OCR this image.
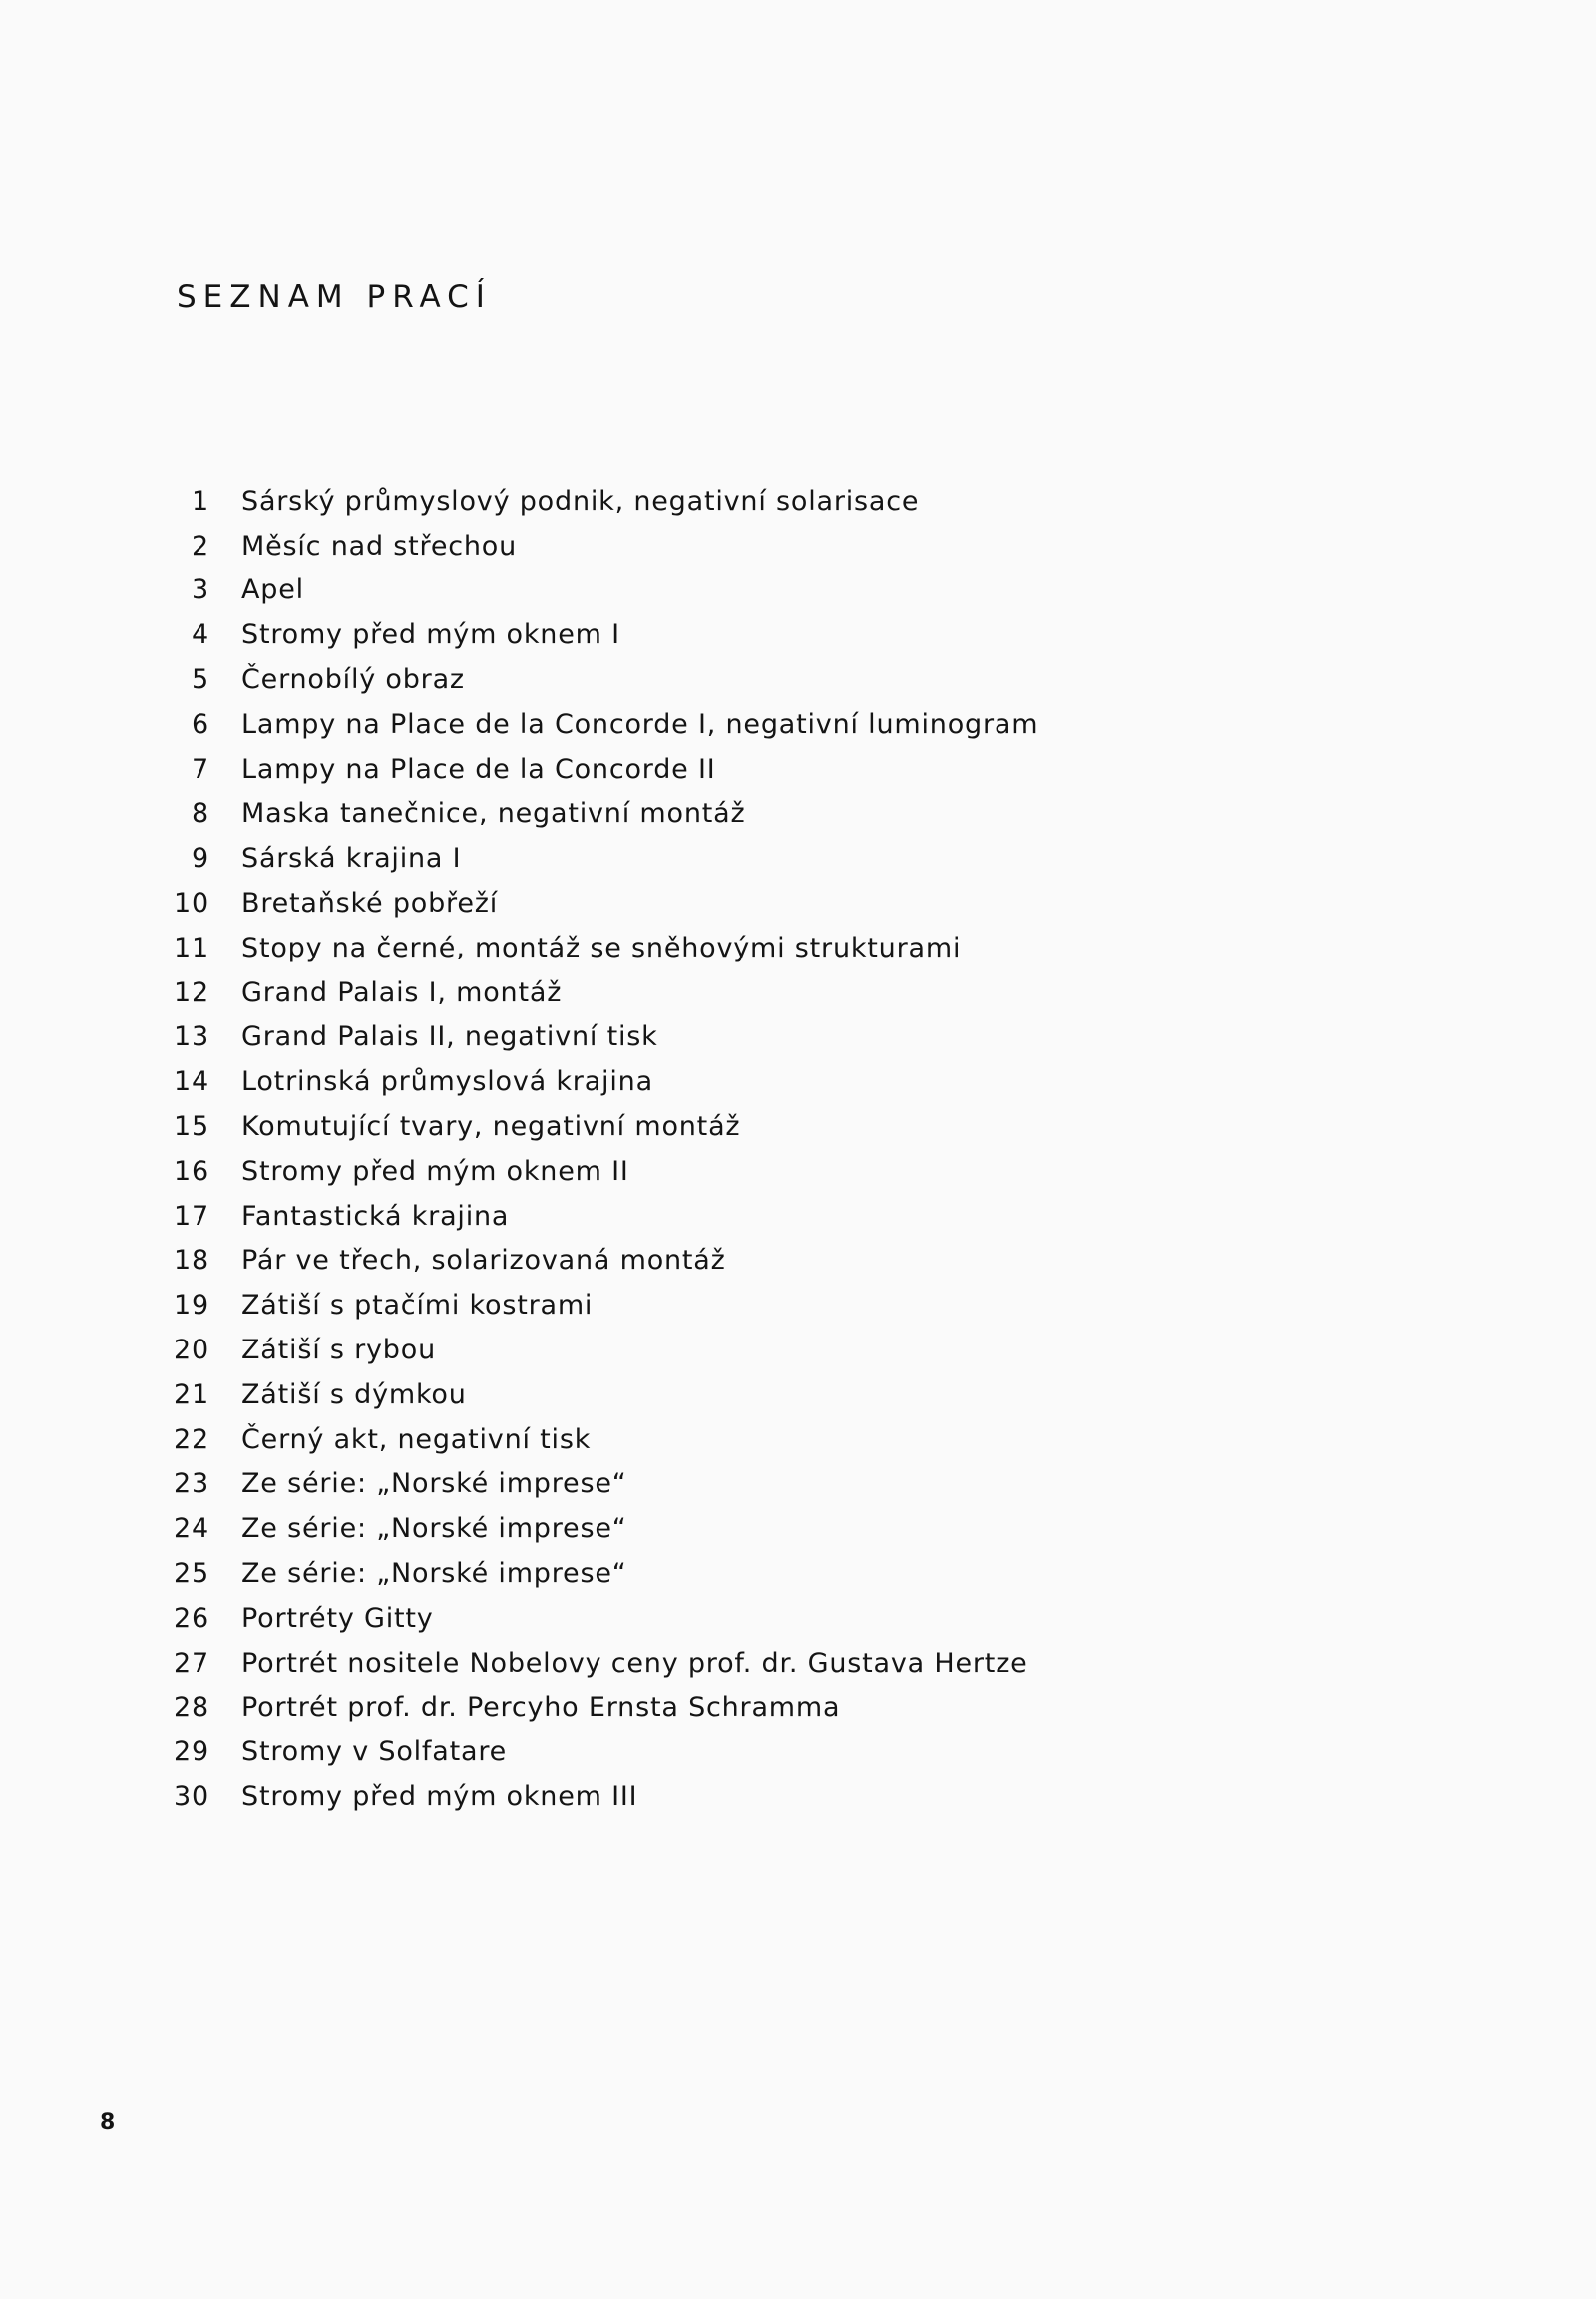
SEZNAM PRACÍ
1 Sárský průmyslový podnik, negativní solarisace
2 Měsíc nad střechou
3 Apel
4 Stromy před mým oknem I
5 Černobílý obraz
6 Lampy na Place de la Concorde I, negativní luminogram
7 Lampy na Place de la Concorde II
8 Maska tanečnice, negativní montáž
9 Sárská krajina I
10 Bretaňské pobřeží
11 Stopy na černé, montáž se sněhovými strukturami
12 Grand Palais I, montáž
13 Grand Palais II, negativní tisk
14 Lotrinská průmyslová krajina
15 Komutující tvary, negativní montáž
16 Stromy před mým oknem II
17 Fantastická krajina
18 Pár ve třech, solarizovaná montáž
19 Zátiší s ptačími kostrami
20 Zátiší s rybou
21 Zátiší s dýmkou
22 Černý akt, negativní tisk
23 Ze série: „Norské imprese“
24 Ze série: „Norské imprese“
25 Ze série: „Norské imprese“
26 Portréty Gitty
27 Portrét nositele Nobelovy ceny prof. dr. Gustava Hertze
28 Portrét prof. dr. Percyho Ernsta Schramma
29 Stromy v Solfatare
30 Stromy před mým oknem III
8
